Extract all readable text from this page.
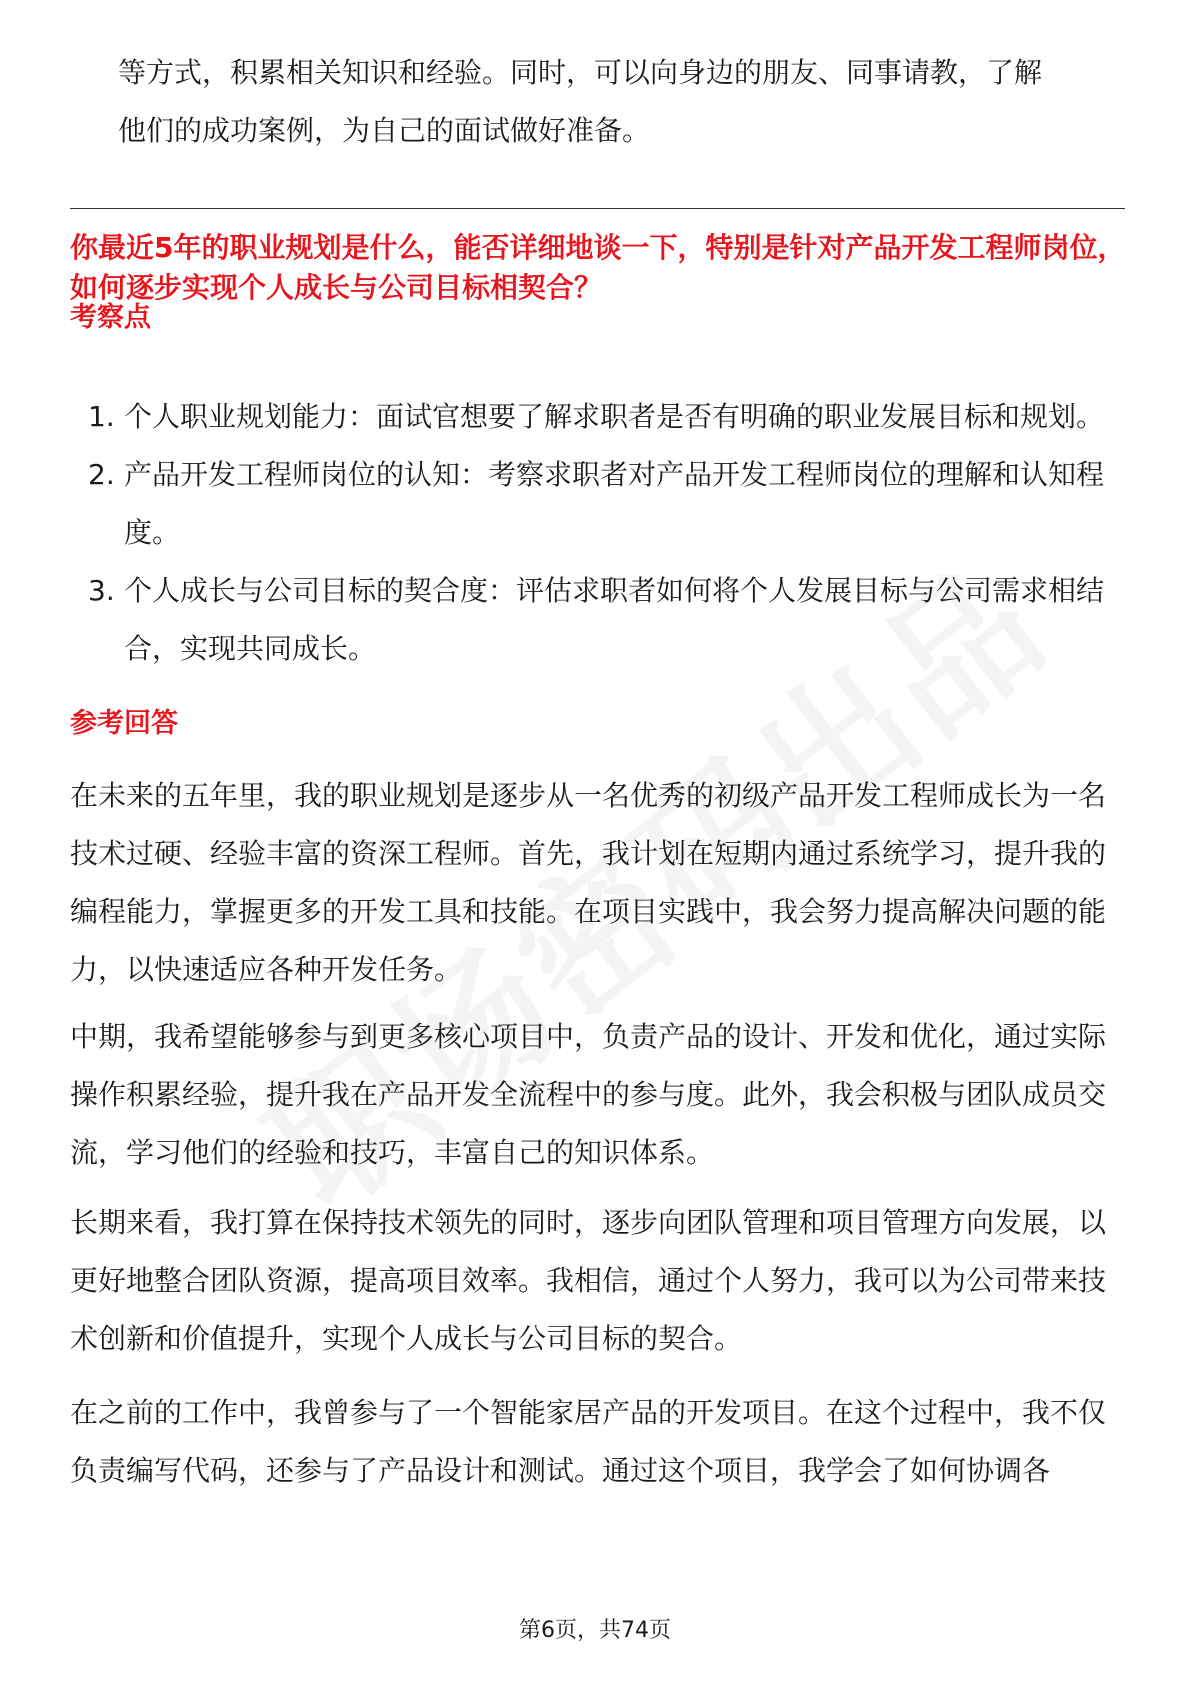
等方式，积累相关知识和经验。同时，可以向身边的朋友、同事请教，了解他们的成功案例，为自己的面试做好准备。
你最近5年的职业规划是什么，能否详细地谈一下，特别是针对产品开发工程师岗位，如何逐步实现个人成长与公司目标相契合？
考察点
1. 个人职业规划能力：面试官想要了解求职者是否有明确的职业发展目标和规划。
2. 产品开发工程师岗位的认知：考察求职者对产品开发工程师岗位的理解和认知程度。
3. 个人成长与公司目标的契合度：评估求职者如何将个人发展目标与公司需求相结合，实现共同成长。
参考回答

在未来的五年里，我的职业规划是逐步从一名优秀的初级产品开发工程师成长为一名技术过硬、经验丰富的资深工程师。首先，我计划在短期内通过系统学习，提升我的编程能力，掌握更多的开发工具和技能。在项目实践中，我会努力提高解决问题的能力，以快速适应各种开发任务。

中期，我希望能够参与到更多核心项目中，负责产品的设计、开发和优化，通过实际操作积累经验，提升我在产品开发全流程中的参与度。此外，我会积极与团队成员交流，学习他们的经验和技巧，丰富自己的知识体系。

长期来看，我打算在保持技术领先的同时，逐步向团队管理和项目管理方向发展，以更好地整合团队资源，提高项目效率。我相信，通过个人努力，我可以为公司带来技术创新和价值提升，实现个人成长与公司目标的契合。

在之前的工作中，我曾参与了一个智能家居产品的开发项目。在这个过程中，我不仅负责编写代码，还参与了产品设计和测试。通过这个项目，我学会了如何协调各

第6页，共74页
